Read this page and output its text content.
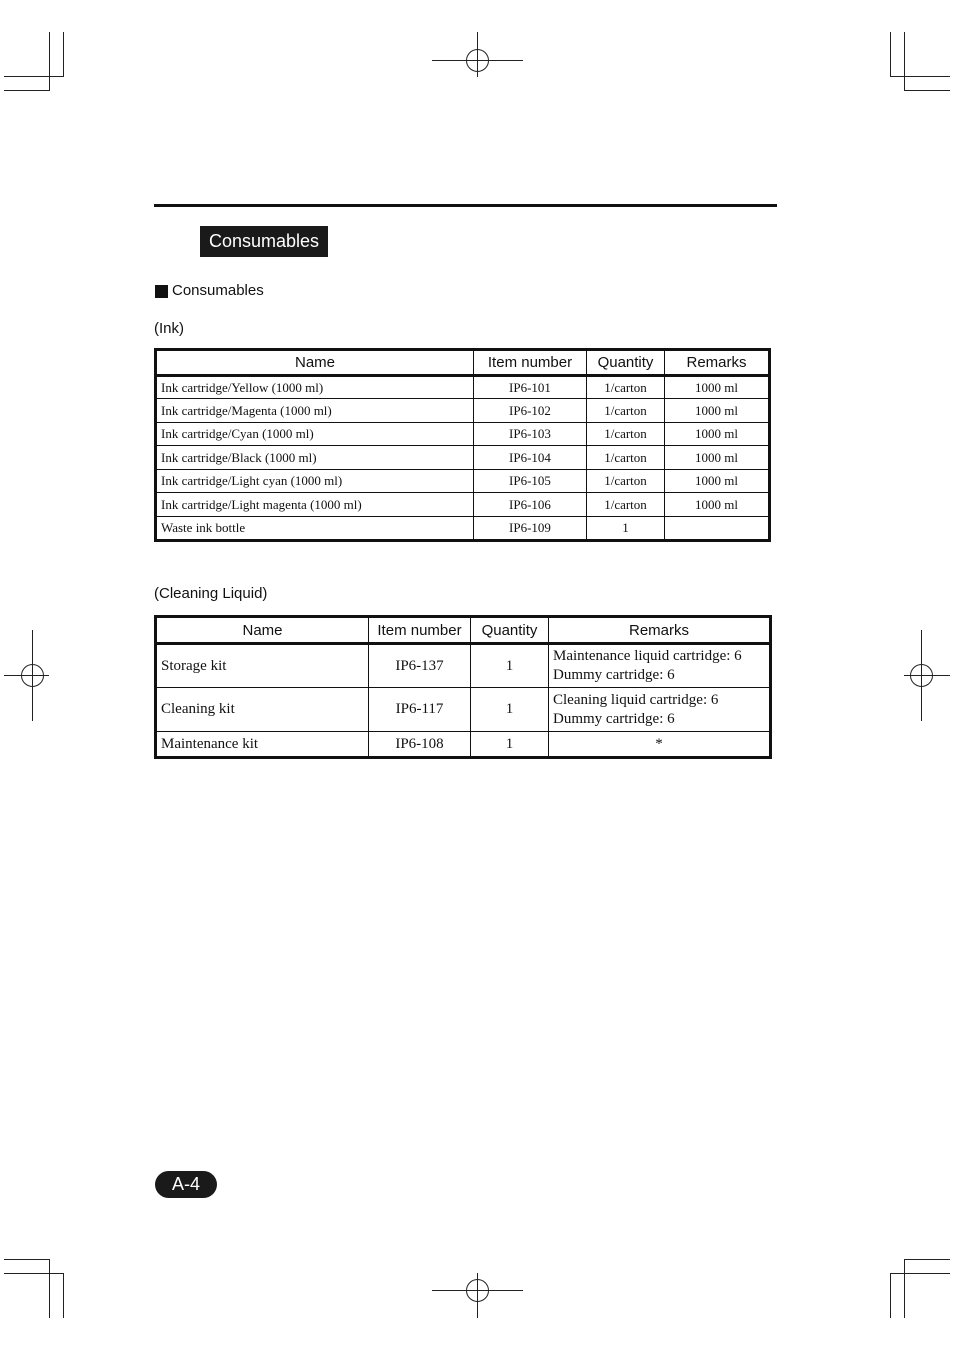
Consumables
Consumables
(Ink)
Name	Item number	Quantity	Remarks
Ink cartridge/Yellow (1000 ml)	IP6-101	1/carton	1000 ml
Ink cartridge/Magenta (1000 ml)	IP6-102	1/carton	1000 ml
Ink cartridge/Cyan (1000 ml)	IP6-103	1/carton	1000 ml
Ink cartridge/Black (1000 ml)	IP6-104	1/carton	1000 ml
Ink cartridge/Light cyan (1000 ml)	IP6-105	1/carton	1000 ml
Ink cartridge/Light magenta (1000 ml)	IP6-106	1/carton	1000 ml
Waste ink bottle	IP6-109	1	
(Cleaning Liquid)
Name	Item number	Quantity	Remarks
Storage kit	IP6-137	1	Maintenance liquid cartridge: 6
Dummy cartridge: 6

Cleaning kit	IP6-117	1	Cleaning liquid cartridge: 6
Dummy cartridge: 6

Maintenance kit	IP6-108	1	*
A-4
